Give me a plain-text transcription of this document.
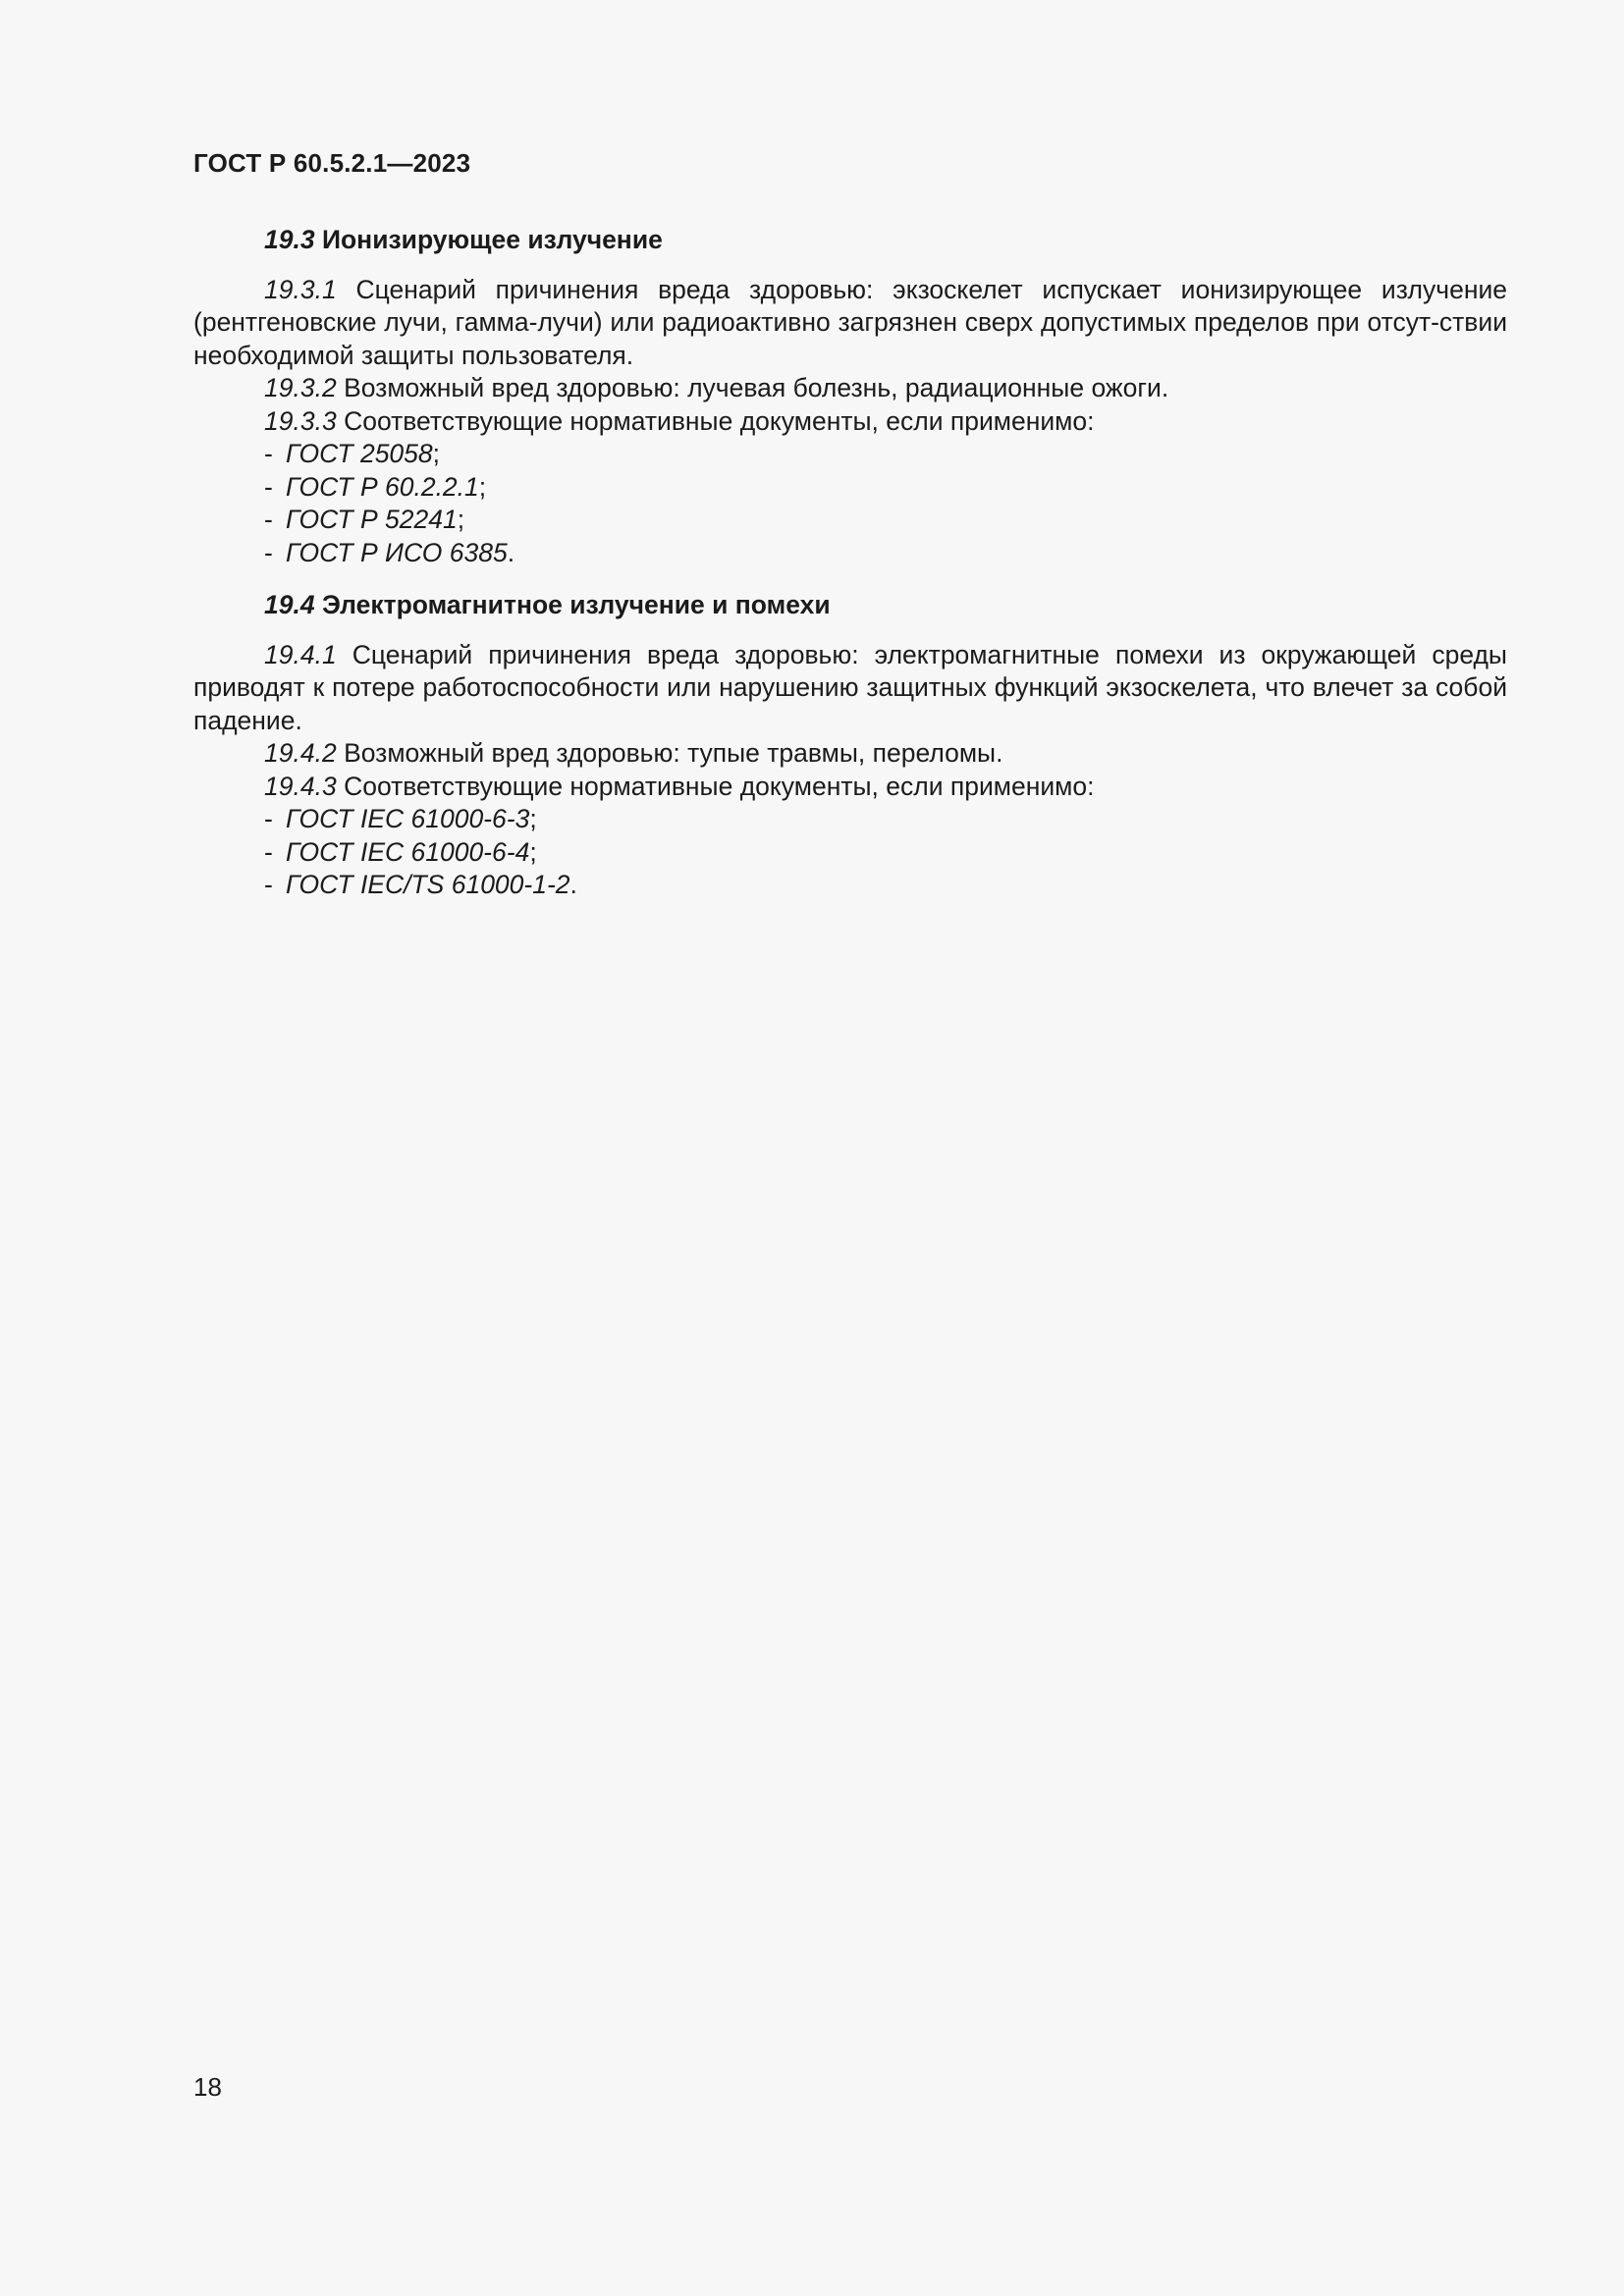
ГОСТ Р 60.5.2.1—2023
19.3 Ионизирующее излучение

19.3.1 Сценарий причинения вреда здоровью: экзоскелет испускает ионизирующее излучение (рентгеновские лучи, гамма-лучи) или радиоактивно загрязнен сверх допустимых пределов при отсут-ствии необходимой защиты пользователя.

19.3.2 Возможный вред здоровью: лучевая болезнь, радиационные ожоги.

19.3.3 Соответствующие нормативные документы, если применимо:

- ГОСТ 25058;
- ГОСТ Р 60.2.2.1;
- ГОСТ Р 52241;
- ГОСТ Р ИСО 6385.
19.4 Электромагнитное излучение и помехи

19.4.1 Сценарий причинения вреда здоровью: электромагнитные помехи из окружающей среды приводят к потере работоспособности или нарушению защитных функций экзоскелета, что влечет за собой падение.

19.4.2 Возможный вред здоровью: тупые травмы, переломы.

19.4.3 Соответствующие нормативные документы, если применимо:

- ГОСТ IEC 61000-6-3;
- ГОСТ IEC 61000-6-4;
- ГОСТ IEC/TS 61000-1-2.
18
